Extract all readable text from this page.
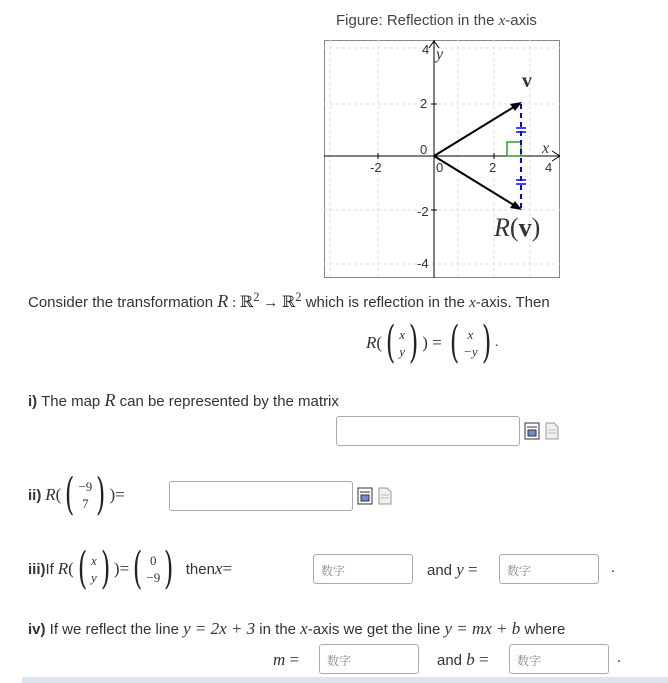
Figure: Reflection in the x-axis
4 y
2
0
-2
-4
-2	0	2	4
x
v
R(v)
Consider the transformation R : ℝ$^2$ → ℝ$^2$ which is reflection in the x-axis. Then
R ( ( x
y ) ) = ( x
−y ) .
i) The map R can be represented by the matrix
ii)
R ( ( −9
7 ) ) =
iii) If
R ( ( x
y ) ) = ( 0
−9 )
then x =	数字	and y =	数字	.
iv) If we reflect the line y = 2x + 3 in the x-axis we get the line y = mx + b where
m =	数字	and b =	数字	.
